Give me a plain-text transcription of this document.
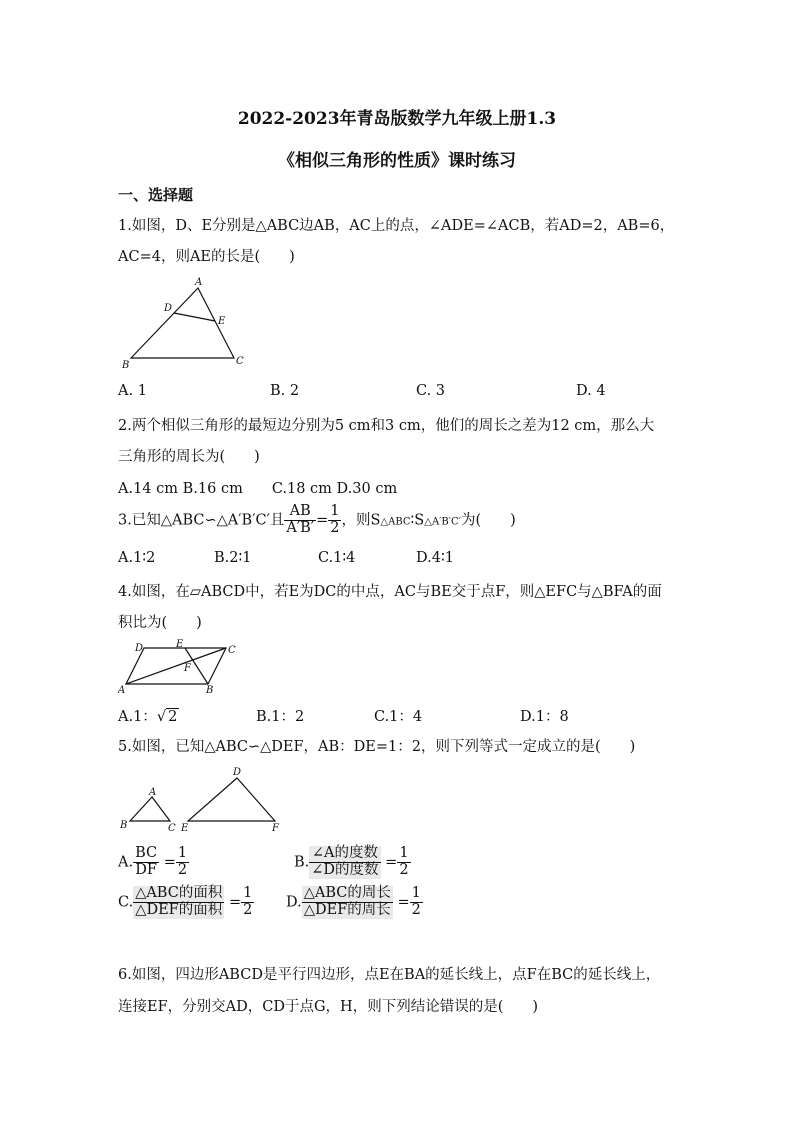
2022-2023年青岛版数学九年级上册1.3
《相似三角形的性质》课时练习
一、选择题
1.如图，D、E分别是△ABC边AB，AC上的点，∠ADE=∠ACB，若AD=2，AB=6，
AC=4，则AE的长是(　　)
A
D
E
B	C
A. 1	B. 2	C. 3	D. 4
2.两个相似三角形的最短边分别为5 cm和3 cm，他们的周长之差为12 cm，那么大
三角形的周长为(　　)
A.14 cm B.16 cm　　C.18 cm D.30 cm
3.已知△ABC∽△A′B′C′且 $\frac{AB}{A'B'} = \frac{1}{2}$ ，则S△ABC∶S△A′B′C′为(　　)
A.1∶2	B.2∶1	C.1∶4	D.4∶1
4.如图，在▱ABCD中，若E为DC的中点，AC与BE交于点F，则△EFC与△BFA的面
积比为(　　)
D	E
C
F
A	B
A.1：√ 2	B.1：2	C.1：4	D.1：8
5.如图，已知△ABC∽△DEF，AB：DE=1：2，则下列等式一定成立的是(　　)
A
B	C
D
E	F
A. $\frac{BC}{DF} = \frac{1}{2}$	B. $\frac{\text{∠A的度数}}{\text{∠D的度数}} = \frac{1}{2}$
C. $\frac{\text{△ABC的面积}}{\text{△DEF的面积}} = \frac{1}{2} D$. $\frac{\text{△ABC的周长}}{\text{△DEF的周长}} = \frac{1}{2}$
6.如图，四边形ABCD是平行四边形，点E在BA的延长线上，点F在BC的延长线上，
连接EF，分别交AD，CD于点G，H，则下列结论错误的是(　　)
